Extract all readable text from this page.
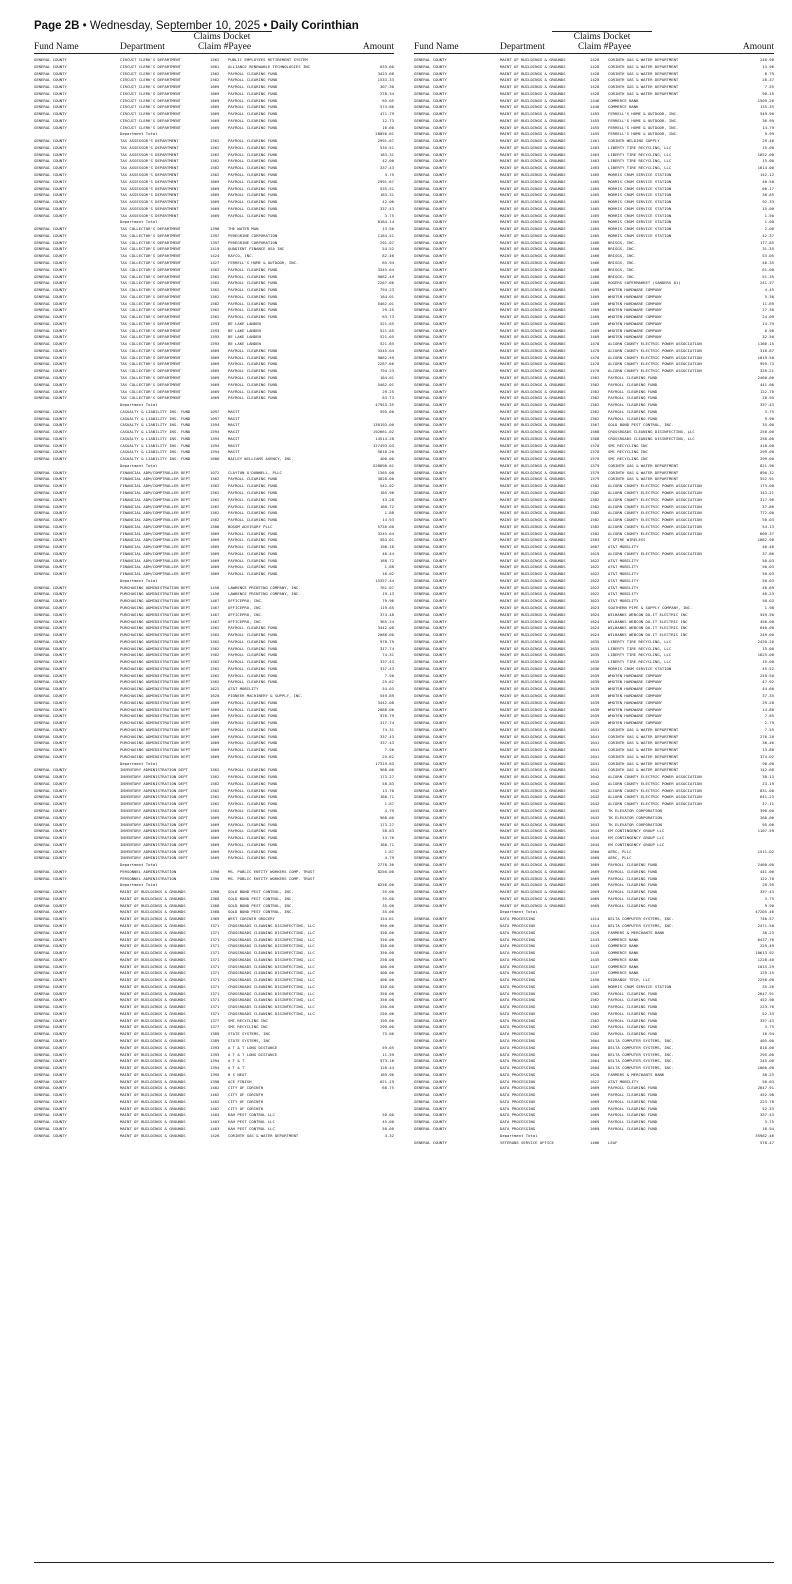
Page 2B • Wednesday, September 10, 2025 • Daily Corinthian
Claims Docket
Fund Name	Department	Claim #Payee	Amount
GENERAL COUNTY	CIRCUIT CLERK'S DEPARTMENT	1562 PUBLIC EMPLOYEES RETIREMENT SYSTEM
GENERAL COUNTY	CIRCUIT CLERK'S DEPARTMENT	1601 ALLIANCE RENEWABLE TECHNOLOGIES INC	633.60
GENERAL COUNTY	CIRCUIT CLERK'S DEPARTMENT	1562 PAYROLL CLEARING FUND	3423.66
GENERAL COUNTY	CIRCUIT CLERK'S DEPARTMENT	1562 PAYROLL CLEARING FUND	1533.33
GENERAL COUNTY	CIRCUIT CLERK'S DEPARTMENT	1669 PAYROLL CLEARING FUND	307.36
GENERAL COUNTY	CIRCUIT CLERK'S DEPARTMENT	1669 PAYROLL CLEARING FUND	278.34
GENERAL COUNTY	CIRCUIT CLERK'S DEPARTMENT	1669 PAYROLL CLEARING FUND	65.05
GENERAL COUNTY	CIRCUIT CLERK'S DEPARTMENT	1669 PAYROLL CLEARING FUND	574.86
GENERAL COUNTY	CIRCUIT CLERK'S DEPARTMENT	1669 PAYROLL CLEARING FUND	471.79
GENERAL COUNTY	CIRCUIT CLERK'S DEPARTMENT	1669 PAYROLL CLEARING FUND	12.73
GENERAL COUNTY	CIRCUIT CLERK'S DEPARTMENT	1669 PAYROLL CLEARING FUND	16.60
Department Total	28056.61
GENERAL COUNTY	TAX ASSESSOR'S DEPARTMENT	1562 PAYROLL CLEARING FUND	2991.67
GENERAL COUNTY	TAX ASSESSOR'S DEPARTMENT	1562 PAYROLL CLEARING FUND	535.51
GENERAL COUNTY	TAX ASSESSOR'S DEPARTMENT	1562 PAYROLL CLEARING FUND	183.31
GENERAL COUNTY	TAX ASSESSOR'S DEPARTMENT	1562 PAYROLL CLEARING FUND	42.06
GENERAL COUNTY	TAX ASSESSOR'S DEPARTMENT	1562 PAYROLL CLEARING FUND	337.43
GENERAL COUNTY	TAX ASSESSOR'S DEPARTMENT	1562 PAYROLL CLEARING FUND	3.75
GENERAL COUNTY	TAX ASSESSOR'S DEPARTMENT	1669 PAYROLL CLEARING FUND	2991.67
GENERAL COUNTY	TAX ASSESSOR'S DEPARTMENT	1669 PAYROLL CLEARING FUND	535.51
GENERAL COUNTY	TAX ASSESSOR'S DEPARTMENT	1669 PAYROLL CLEARING FUND	183.31
GENERAL COUNTY	TAX ASSESSOR'S DEPARTMENT	1669 PAYROLL CLEARING FUND	42.06
GENERAL COUNTY	TAX ASSESSOR'S DEPARTMENT	1669 PAYROLL CLEARING FUND	337.43
GENERAL COUNTY	TAX ASSESSOR'S DEPARTMENT	1669 PAYROLL CLEARING FUND	3.75
Department Total	8184.14
GENERAL COUNTY	TAX COLLECTOR'S DEPARTMENT	1396 THE WATER MAN	13.50
GENERAL COUNTY	TAX COLLECTOR'S DEPARTMENT	1397 PEREGRINE CORPORATION	1184.51
GENERAL COUNTY	TAX COLLECTOR'S DEPARTMENT	1397 PEREGRINE CORPORATION	291.07
GENERAL COUNTY	TAX COLLECTOR'S DEPARTMENT	1419 QUADIENT FINANCE USA INC	54.52
GENERAL COUNTY	TAX COLLECTOR'S DEPARTMENT	1424 RAYCO, INC.	82.46
GENERAL COUNTY	TAX COLLECTOR'S DEPARTMENT	1427 FERRELL'S HOME & OUTDOOR, INC.	65.94
GENERAL COUNTY	TAX COLLECTOR'S DEPARTMENT	1562 PAYROLL CLEARING FUND	3345.04
GENERAL COUNTY	TAX COLLECTOR'S DEPARTMENT	1562 PAYROLL CLEARING FUND	9082.49
GENERAL COUNTY	TAX COLLECTOR'S DEPARTMENT	1562 PAYROLL CLEARING FUND	2267.66
GENERAL COUNTY	TAX COLLECTOR'S DEPARTMENT	1562 PAYROLL CLEARING FUND	794.23
GENERAL COUNTY	TAX COLLECTOR'S DEPARTMENT	1562 PAYROLL CLEARING FUND	184.01
GENERAL COUNTY	TAX COLLECTOR'S DEPARTMENT	1562 PAYROLL CLEARING FUND	5462.01
GENERAL COUNTY	TAX COLLECTOR'S DEPARTMENT	1562 PAYROLL CLEARING FUND	29.25
GENERAL COUNTY	TAX COLLECTOR'S DEPARTMENT	1562 PAYROLL CLEARING FUND	63.73
GENERAL COUNTY	TAX COLLECTOR'S DEPARTMENT	1593 BE LAKE LANDEN	521.65
GENERAL COUNTY	TAX COLLECTOR'S DEPARTMENT	1593 BE LAKE LANDEN	521.65
GENERAL COUNTY	TAX COLLECTOR'S DEPARTMENT	1593 BE LAKE LANDEN	521.65
GENERAL COUNTY	TAX COLLECTOR'S DEPARTMENT	1593 BE LAKE LANDEN	521.65
GENERAL COUNTY	TAX COLLECTOR'S DEPARTMENT	1669 PAYROLL CLEARING FUND	3345.04
GENERAL COUNTY	TAX COLLECTOR'S DEPARTMENT	1669 PAYROLL CLEARING FUND	9082.49
GENERAL COUNTY	TAX COLLECTOR'S DEPARTMENT	1669 PAYROLL CLEARING FUND	2267.66
GENERAL COUNTY	TAX COLLECTOR'S DEPARTMENT	1669 PAYROLL CLEARING FUND	794.23
GENERAL COUNTY	TAX COLLECTOR'S DEPARTMENT	1669 PAYROLL CLEARING FUND	184.01
GENERAL COUNTY	TAX COLLECTOR'S DEPARTMENT	1669 PAYROLL CLEARING FUND	5462.01
GENERAL COUNTY	TAX COLLECTOR'S DEPARTMENT	1669 PAYROLL CLEARING FUND	29.25
GENERAL COUNTY	TAX COLLECTOR'S DEPARTMENT	1669 PAYROLL CLEARING FUND	63.73
Department Total	47953.35
GENERAL COUNTY	CASUALTY & LIABILITY INS. FUND	1097 MASIT	595.00
GENERAL COUNTY	CASUALTY & LIABILITY INS. FUND	1097 MASIT
GENERAL COUNTY	CASUALTY & LIABILITY INS. FUND	1594 MASIT	138193.00
GENERAL COUNTY	CASUALTY & LIABILITY INS. FUND	1594 MASIT	192661.02
GENERAL COUNTY	CASUALTY & LIABILITY INS. FUND	1594 MASIT	14514.28
GENERAL COUNTY	CASUALTY & LIABILITY INS. FUND	1594 MASIT	127493.03
GENERAL COUNTY	CASUALTY & LIABILITY INS. FUND	1594 MASIT	5610.20
GENERAL COUNTY	CASUALTY & LIABILITY INS. FUND	1606 BAILEY WILLIAMS AGENCY, INC.	400.00
Department Total	528898.61
GENERAL COUNTY	FINANCIAL ADM/COMPTROLLER DEPT	1072 CLAYTON O'DONNELL, PLLC	1365.00
GENERAL COUNTY	FINANCIAL ADM/COMPTROLLER DEPT	1562 PAYROLL CLEARING FUND	3028.00
GENERAL COUNTY	FINANCIAL ADM/COMPTROLLER DEPT	1562 PAYROLL CLEARING FUND	542.02
GENERAL COUNTY	FINANCIAL ADM/COMPTROLLER DEPT	1562 PAYROLL CLEARING FUND	185.98
GENERAL COUNTY	FINANCIAL ADM/COMPTROLLER DEPT	1562 PAYROLL CLEARING FUND	43.28
GENERAL COUNTY	FINANCIAL ADM/COMPTROLLER DEPT	1562 PAYROLL CLEARING FUND	168.72
GENERAL COUNTY	FINANCIAL ADM/COMPTROLLER DEPT	1562 PAYROLL CLEARING FUND	1.88
GENERAL COUNTY	FINANCIAL ADM/COMPTROLLER DEPT	1562 PAYROLL CLEARING FUND	14.93
GENERAL COUNTY	FINANCIAL ADM/COMPTROLLER DEPT	1586 BOSOM ADVISORY PLLC	5756.00
GENERAL COUNTY	FINANCIAL ADM/COMPTROLLER DEPT	1669 PAYROLL CLEARING FUND	3245.04
GENERAL COUNTY	FINANCIAL ADM/COMPTROLLER DEPT	1669 PAYROLL CLEARING FUND	583.01
GENERAL COUNTY	FINANCIAL ADM/COMPTROLLER DEPT	1669 PAYROLL CLEARING FUND	198.18
GENERAL COUNTY	FINANCIAL ADM/COMPTROLLER DEPT	1669 PAYROLL CLEARING FUND	46.44
GENERAL COUNTY	FINANCIAL ADM/COMPTROLLER DEPT	1669 PAYROLL CLEARING FUND	168.72
GENERAL COUNTY	FINANCIAL ADM/COMPTROLLER DEPT	1669 PAYROLL CLEARING FUND	1.88
GENERAL COUNTY	FINANCIAL ADM/COMPTROLLER DEPT	1669 PAYROLL CLEARING FUND	16.02
Department Total	15357.44
GENERAL COUNTY	PURCHASING ADMINISTRATION DEPT	1456 LAWRENCE PRINTING COMPANY, INC.	761.07
GENERAL COUNTY	PURCHASING ADMINISTRATION DEPT	1456 LAWRENCE PRINTING COMPANY, INC.	19.13
GENERAL COUNTY	PURCHASING ADMINISTRATION DEPT	1467 OFFICEPRO, INC.	79.96
GENERAL COUNTY	PURCHASING ADMINISTRATION DEPT	1467 OFFICEPRO, INC.	119.85
GENERAL COUNTY	PURCHASING ADMINISTRATION DEPT	1467 OFFICEPRO, INC.	374.48
GENERAL COUNTY	PURCHASING ADMINISTRATION DEPT	1467 OFFICEPRO, INC.	365.24
GENERAL COUNTY	PURCHASING ADMINISTRATION DEPT	1562 PAYROLL CLEARING FUND	3442.08
GENERAL COUNTY	PURCHASING ADMINISTRATION DEPT	1562 PAYROLL CLEARING FUND	2088.00
GENERAL COUNTY	PURCHASING ADMINISTRATION DEPT	1562 PAYROLL CLEARING FUND	978.79
GENERAL COUNTY	PURCHASING ADMINISTRATION DEPT	1562 PAYROLL CLEARING FUND	317.74
GENERAL COUNTY	PURCHASING ADMINISTRATION DEPT	1562 PAYROLL CLEARING FUND	74.31
GENERAL COUNTY	PURCHASING ADMINISTRATION DEPT	1562 PAYROLL CLEARING FUND	337.43
GENERAL COUNTY	PURCHASING ADMINISTRATION DEPT	1562 PAYROLL CLEARING FUND	337.43
GENERAL COUNTY	PURCHASING ADMINISTRATION DEPT	1562 PAYROLL CLEARING FUND	7.50
GENERAL COUNTY	PURCHASING ADMINISTRATION DEPT	1562 PAYROLL CLEARING FUND	25.62
GENERAL COUNTY	PURCHASING ADMINISTRATION DEPT	1622 AT&T MOBILITY	54.03
GENERAL COUNTY	PURCHASING ADMINISTRATION DEPT	1620 PIONEER MACHINERY & SUPPLY, INC.	549.89
GENERAL COUNTY	PURCHASING ADMINISTRATION DEPT	1669 PAYROLL CLEARING FUND	3442.08
GENERAL COUNTY	PURCHASING ADMINISTRATION DEPT	1669 PAYROLL CLEARING FUND	2088.00
GENERAL COUNTY	PURCHASING ADMINISTRATION DEPT	1669 PAYROLL CLEARING FUND	978.79
GENERAL COUNTY	PURCHASING ADMINISTRATION DEPT	1669 PAYROLL CLEARING FUND	317.74
GENERAL COUNTY	PURCHASING ADMINISTRATION DEPT	1669 PAYROLL CLEARING FUND	74.31
GENERAL COUNTY	PURCHASING ADMINISTRATION DEPT	1669 PAYROLL CLEARING FUND	337.43
GENERAL COUNTY	PURCHASING ADMINISTRATION DEPT	1669 PAYROLL CLEARING FUND	337.43
GENERAL COUNTY	PURCHASING ADMINISTRATION DEPT	1669 PAYROLL CLEARING FUND	7.50
GENERAL COUNTY	PURCHASING ADMINISTRATION DEPT	1669 PAYROLL CLEARING FUND	25.62
Department Total	17319.83
GENERAL COUNTY	INVENTORY ADMINISTRATION DEPT	1562 PAYROLL CLEARING FUND	968.00
GENERAL COUNTY	INVENTORY ADMINISTRATION DEPT	1562 PAYROLL CLEARING FUND	173.27
GENERAL COUNTY	INVENTORY ADMINISTRATION DEPT	1562 PAYROLL CLEARING FUND	58.83
GENERAL COUNTY	INVENTORY ADMINISTRATION DEPT	1562 PAYROLL CLEARING FUND	13.76
GENERAL COUNTY	INVENTORY ADMINISTRATION DEPT	1562 PAYROLL CLEARING FUND	168.71
GENERAL COUNTY	INVENTORY ADMINISTRATION DEPT	1562 PAYROLL CLEARING FUND	1.87
GENERAL COUNTY	INVENTORY ADMINISTRATION DEPT	1562 PAYROLL CLEARING FUND	4.79
GENERAL COUNTY	INVENTORY ADMINISTRATION DEPT	1669 PAYROLL CLEARING FUND	968.00
GENERAL COUNTY	INVENTORY ADMINISTRATION DEPT	1669 PAYROLL CLEARING FUND	173.27
GENERAL COUNTY	INVENTORY ADMINISTRATION DEPT	1669 PAYROLL CLEARING FUND	58.83
GENERAL COUNTY	INVENTORY ADMINISTRATION DEPT	1669 PAYROLL CLEARING FUND	13.76
GENERAL COUNTY	INVENTORY ADMINISTRATION DEPT	1669 PAYROLL CLEARING FUND	168.71
GENERAL COUNTY	INVENTORY ADMINISTRATION DEPT	1669 PAYROLL CLEARING FUND	1.87
GENERAL COUNTY	INVENTORY ADMINISTRATION DEPT	1669 PAYROLL CLEARING FUND	4.79
Department Total	2778.36
GENERAL COUNTY	PERSONNEL ADMINISTRATION	1390 MS. PUBLIC ENTITY WORKERS COMP. TRUST	8256.00
GENERAL COUNTY	PERSONNEL ADMINISTRATION	1390 MS. PUBLIC ENTITY WORKERS COMP. TRUST
Department Total	8256.00
GENERAL COUNTY	MAINT OF BUILDINGS & GROUNDS	1368 GOLD BOND PEST CONTROL, INC.	35.00
GENERAL COUNTY	MAINT OF BUILDINGS & GROUNDS	1368 GOLD BOND PEST CONTROL, INC.	35.00
GENERAL COUNTY	MAINT OF BUILDINGS & GROUNDS	1368 GOLD BOND PEST CONTROL, INC.	35.00
GENERAL COUNTY	MAINT OF BUILDINGS & GROUNDS	1368 GOLD BOND PEST CONTROL, INC.	35.00
GENERAL COUNTY	MAINT OF BUILDINGS & GROUNDS	1369 WEST CORINTH GROCERY	154.61
GENERAL COUNTY	MAINT OF BUILDINGS & GROUNDS	1371 CROSSROADS CLEANING DISINFECTING, LLC	950.00
GENERAL COUNTY	MAINT OF BUILDINGS & GROUNDS	1371 CROSSROADS CLEANING DISINFECTING, LLC	350.00
GENERAL COUNTY	MAINT OF BUILDINGS & GROUNDS	1371 CROSSROADS CLEANING DISINFECTING, LLC	350.00
GENERAL COUNTY	MAINT OF BUILDINGS & GROUNDS	1371 CROSSROADS CLEANING DISINFECTING, LLC	350.00
GENERAL COUNTY	MAINT OF BUILDINGS & GROUNDS	1371 CROSSROADS CLEANING DISINFECTING, LLC	350.00
GENERAL COUNTY	MAINT OF BUILDINGS & GROUNDS	1371 CROSSROADS CLEANING DISINFECTING, LLC	250.00
GENERAL COUNTY	MAINT OF BUILDINGS & GROUNDS	1371 CROSSROADS CLEANING DISINFECTING, LLC	400.00
GENERAL COUNTY	MAINT OF BUILDINGS & GROUNDS	1371 CROSSROADS CLEANING DISINFECTING, LLC	400.00
GENERAL COUNTY	MAINT OF BUILDINGS & GROUNDS	1371 CROSSROADS CLEANING DISINFECTING, LLC	400.00
GENERAL COUNTY	MAINT OF BUILDINGS & GROUNDS	1371 CROSSROADS CLEANING DISINFECTING, LLC	350.00
GENERAL COUNTY	MAINT OF BUILDINGS & GROUNDS	1371 CROSSROADS CLEANING DISINFECTING, LLC	350.00
GENERAL COUNTY	MAINT OF BUILDINGS & GROUNDS	1371 CROSSROADS CLEANING DISINFECTING, LLC	350.00
GENERAL COUNTY	MAINT OF BUILDINGS & GROUNDS	1371 CROSSROADS CLEANING DISINFECTING, LLC	250.00
GENERAL COUNTY	MAINT OF BUILDINGS & GROUNDS	1371 CROSSROADS CLEANING DISINFECTING, LLC	250.00
GENERAL COUNTY	MAINT OF BUILDINGS & GROUNDS	1377 SMC RECYCLING INC	199.00
GENERAL COUNTY	MAINT OF BUILDINGS & GROUNDS	1377 SMC RECYCLING INC	299.00
GENERAL COUNTY	MAINT OF BUILDINGS & GROUNDS	1389 STATE SYSTEMS, INC	75.00
GENERAL COUNTY	MAINT OF BUILDINGS & GROUNDS	1389 STATE SYSTEMS, INC
GENERAL COUNTY	MAINT OF BUILDINGS & GROUNDS	1393 A T & T LONG DISTANCE	59.05
GENERAL COUNTY	MAINT OF BUILDINGS & GROUNDS	1393 A T & T LONG DISTANCE	11.59
GENERAL COUNTY	MAINT OF BUILDINGS & GROUNDS	1394 A T & T	973.18
GENERAL COUNTY	MAINT OF BUILDINGS & GROUNDS	1394 A T & T	128.44
GENERAL COUNTY	MAINT OF BUILDINGS & GROUNDS	1395 B S NEAT	189.96
GENERAL COUNTY	MAINT OF BUILDINGS & GROUNDS	1398 ACE FINISH	621.19
GENERAL COUNTY	MAINT OF BUILDINGS & GROUNDS	1402 CITY OF CORINTH	68.75
GENERAL COUNTY	MAINT OF BUILDINGS & GROUNDS	1402 CITY OF CORINTH
GENERAL COUNTY	MAINT OF BUILDINGS & GROUNDS	1402 CITY OF CORINTH
GENERAL COUNTY	MAINT OF BUILDINGS & GROUNDS	1402 CITY OF CORINTH
GENERAL COUNTY	MAINT OF BUILDINGS & GROUNDS	1403 KAH PEST CONTROL LLC	50.00
GENERAL COUNTY	MAINT OF BUILDINGS & GROUNDS	1403 KAH PEST CONTROL LLC	45.00
GENERAL COUNTY	MAINT OF BUILDINGS & GROUNDS	1403 KAH PEST CONTROL LLC	50.00
GENERAL COUNTY	MAINT OF BUILDINGS & GROUNDS	1426 CORINTH GAS & WATER DEPARTMENT	4.32
Claims Docket
Fund Name	Department	Claim #Payee	Amount
GENERAL COUNTY	MAINT OF BUILDINGS & GROUNDS	1428 CORINTH GAS & WATER DEPARTMENT	240.90
GENERAL COUNTY	MAINT OF BUILDINGS & GROUNDS	1428 CORINTH GAS & WATER DEPARTMENT	13.96
GENERAL COUNTY	MAINT OF BUILDINGS & GROUNDS	1428 CORINTH GAS & WATER DEPARTMENT	8.79
GENERAL COUNTY	MAINT OF BUILDINGS & GROUNDS	1428 CORINTH GAS & WATER DEPARTMENT	28.37
GENERAL COUNTY	MAINT OF BUILDINGS & GROUNDS	1428 CORINTH GAS & WATER DEPARTMENT	7.55
GENERAL COUNTY	MAINT OF BUILDINGS & GROUNDS	1428 CORINTH GAS & WATER DEPARTMENT	98.15
GENERAL COUNTY	MAINT OF BUILDINGS & GROUNDS	1446 COMMERCE BANK	1509.26
GENERAL COUNTY	MAINT OF BUILDINGS & GROUNDS	1446 COMMERCE BANK	135.35
GENERAL COUNTY	MAINT OF BUILDINGS & GROUNDS	1455 FERRELL'S HOME & OUTDOOR, INC.	549.90
GENERAL COUNTY	MAINT OF BUILDINGS & GROUNDS	1455 FERRELL'S HOME & OUTDOOR, INC.	36.99
GENERAL COUNTY	MAINT OF BUILDINGS & GROUNDS	1455 FERRELL'S HOME & OUTDOOR, INC.	14.79
GENERAL COUNTY	MAINT OF BUILDINGS & GROUNDS	1455 FERRELL'S HOME & OUTDOOR, INC.	9.99
GENERAL COUNTY	MAINT OF BUILDINGS & GROUNDS	1461 CORINTH WELDING SUPPLY	29.46
GENERAL COUNTY	MAINT OF BUILDINGS & GROUNDS	1463 LIBERTY TIRE RECYCLING, LLC	15.00
GENERAL COUNTY	MAINT OF BUILDINGS & GROUNDS	1463 LIBERTY TIRE RECYCLING, LLC	1652.00
GENERAL COUNTY	MAINT OF BUILDINGS & GROUNDS	1463 LIBERTY TIRE RECYCLING, LLC	15.00
GENERAL COUNTY	MAINT OF BUILDINGS & GROUNDS	1463 LIBERTY TIRE RECYCLING, LLC	1614.00
GENERAL COUNTY	MAINT OF BUILDINGS & GROUNDS	1465 MORRIS CRUM SERVICE STATION	152.12
GENERAL COUNTY	MAINT OF BUILDINGS & GROUNDS	1465 MORRIS CRUM SERVICE STATION	40.50
GENERAL COUNTY	MAINT OF BUILDINGS & GROUNDS	1465 MORRIS CRUM SERVICE STATION	60.17
GENERAL COUNTY	MAINT OF BUILDINGS & GROUNDS	1465 MORRIS CRUM SERVICE STATION	36.85
GENERAL COUNTY	MAINT OF BUILDINGS & GROUNDS	1465 MORRIS CRUM SERVICE STATION	92.33
GENERAL COUNTY	MAINT OF BUILDINGS & GROUNDS	1465 MORRIS CRUM SERVICE STATION	15.00
GENERAL COUNTY	MAINT OF BUILDINGS & GROUNDS	1465 MORRIS CRUM SERVICE STATION	1.50
GENERAL COUNTY	MAINT OF BUILDINGS & GROUNDS	1465 MORRIS CRUM SERVICE STATION	1.00
GENERAL COUNTY	MAINT OF BUILDINGS & GROUNDS	1465 MORRIS CRUM SERVICE STATION	2.00
GENERAL COUNTY	MAINT OF BUILDINGS & GROUNDS	1465 MORRIS CRUM SERVICE STATION	42.37
GENERAL COUNTY	MAINT OF BUILDINGS & GROUNDS	1466 BRIGGS, INC.	177.85
GENERAL COUNTY	MAINT OF BUILDINGS & GROUNDS	1466 BRIGGS, INC.	31.35
GENERAL COUNTY	MAINT OF BUILDINGS & GROUNDS	1466 BRIGGS, INC.	53.05
GENERAL COUNTY	MAINT OF BUILDINGS & GROUNDS	1466 BRIGGS, INC.	46.35
GENERAL COUNTY	MAINT OF BUILDINGS & GROUNDS	1466 BRIGGS, INC.	61.00
GENERAL COUNTY	MAINT OF BUILDINGS & GROUNDS	1466 BRIGGS, INC.	51.35
GENERAL COUNTY	MAINT OF BUILDINGS & GROUNDS	1468 ROGERS SUPERMARKET (SANDERS 01)	241.57
GENERAL COUNTY	MAINT OF BUILDINGS & GROUNDS	1469 WHOTEN HARDWARE COMPANY	4.45
GENERAL COUNTY	MAINT OF BUILDINGS & GROUNDS	1469 WHOTEN HARDWARE COMPANY	5.30
GENERAL COUNTY	MAINT OF BUILDINGS & GROUNDS	1469 WHOTEN HARDWARE COMPANY	11.69
GENERAL COUNTY	MAINT OF BUILDINGS & GROUNDS	1469 WHOTEN HARDWARE COMPANY	27.30
GENERAL COUNTY	MAINT OF BUILDINGS & GROUNDS	1469 WHOTEN HARDWARE COMPANY	24.09
GENERAL COUNTY	MAINT OF BUILDINGS & GROUNDS	1469 WHOTEN HARDWARE COMPANY	14.79
GENERAL COUNTY	MAINT OF BUILDINGS & GROUNDS	1469 WHOTEN HARDWARE COMPANY	0.98
GENERAL COUNTY	MAINT OF BUILDINGS & GROUNDS	1469 WHOTEN HARDWARE COMPANY	32.50
GENERAL COUNTY	MAINT OF BUILDINGS & GROUNDS	1470 ALCORN COUNTY ELECTRIC POWER ASSOCIATION	1166.15
GENERAL COUNTY	MAINT OF BUILDINGS & GROUNDS	1470 ALCORN COUNTY ELECTRIC POWER ASSOCIATION	310.87
GENERAL COUNTY	MAINT OF BUILDINGS & GROUNDS	1470 ALCORN COUNTY ELECTRIC POWER ASSOCIATION	1019.50
GENERAL COUNTY	MAINT OF BUILDINGS & GROUNDS	1470 ALCORN COUNTY ELECTRIC POWER ASSOCIATION	959.73
GENERAL COUNTY	MAINT OF BUILDINGS & GROUNDS	1470 ALCORN COUNTY ELECTRIC POWER ASSOCIATION	328.21
GENERAL COUNTY	MAINT OF BUILDINGS & GROUNDS	1562 PAYROLL CLEARING FUND	2460.00
GENERAL COUNTY	MAINT OF BUILDINGS & GROUNDS	1562 PAYROLL CLEARING FUND	441.06
GENERAL COUNTY	MAINT OF BUILDINGS & GROUNDS	1562 PAYROLL CLEARING FUND	122.70
GENERAL COUNTY	MAINT OF BUILDINGS & GROUNDS	1562 PAYROLL CLEARING FUND	28.95
GENERAL COUNTY	MAINT OF BUILDINGS & GROUNDS	1562 PAYROLL CLEARING FUND	337.43
GENERAL COUNTY	MAINT OF BUILDINGS & GROUNDS	1562 PAYROLL CLEARING FUND	3.75
GENERAL COUNTY	MAINT OF BUILDINGS & GROUNDS	1562 PAYROLL CLEARING FUND	9.90
GENERAL COUNTY	MAINT OF BUILDINGS & GROUNDS	1567 GOLD BOND PEST CONTROL, INC.	35.00
GENERAL COUNTY	MAINT OF BUILDINGS & GROUNDS	1568 CROSSROADS CLEANING DISINFECTING, LLC	250.00
GENERAL COUNTY	MAINT OF BUILDINGS & GROUNDS	1568 CROSSROADS CLEANING DISINFECTING, LLC	250.00
GENERAL COUNTY	MAINT OF BUILDINGS & GROUNDS	1570 SMC RECYCLING INC	418.00
GENERAL COUNTY	MAINT OF BUILDINGS & GROUNDS	1570 SMC RECYCLING INC	299.00
GENERAL COUNTY	MAINT OF BUILDINGS & GROUNDS	1570 SMC RECYCLING INC	299.00
GENERAL COUNTY	MAINT OF BUILDINGS & GROUNDS	1579 CORINTH GAS & WATER DEPARTMENT	821.96
GENERAL COUNTY	MAINT OF BUILDINGS & GROUNDS	1579 CORINTH GAS & WATER DEPARTMENT	890.32
GENERAL COUNTY	MAINT OF BUILDINGS & GROUNDS	1579 CORINTH GAS & WATER DEPARTMENT	552.91
GENERAL COUNTY	MAINT OF BUILDINGS & GROUNDS	1582 ALCORN COUNTY ELECTRIC POWER ASSOCIATION	173.00
GENERAL COUNTY	MAINT OF BUILDINGS & GROUNDS	1582 ALCORN COUNTY ELECTRIC POWER ASSOCIATION	143.21
GENERAL COUNTY	MAINT OF BUILDINGS & GROUNDS	1582 ALCORN COUNTY ELECTRIC POWER ASSOCIATION	317.96
GENERAL COUNTY	MAINT OF BUILDINGS & GROUNDS	1582 ALCORN COUNTY ELECTRIC POWER ASSOCIATION	37.86
GENERAL COUNTY	MAINT OF BUILDINGS & GROUNDS	1582 ALCORN COUNTY ELECTRIC POWER ASSOCIATION	772.00
GENERAL COUNTY	MAINT OF BUILDINGS & GROUNDS	1582 ALCORN COUNTY ELECTRIC POWER ASSOCIATION	50.03
GENERAL COUNTY	MAINT OF BUILDINGS & GROUNDS	1582 ALCORN COUNTY ELECTRIC POWER ASSOCIATION	54.13
GENERAL COUNTY	MAINT OF BUILDINGS & GROUNDS	1582 ALCORN COUNTY ELECTRIC POWER ASSOCIATION	609.37
GENERAL COUNTY	MAINT OF BUILDINGS & GROUNDS	1583 C SPIRE WIRELESS	1082.90
GENERAL COUNTY	MAINT OF BUILDINGS & GROUNDS	1607 AT&T MOBILITY	40.46
GENERAL COUNTY	MAINT OF BUILDINGS & GROUNDS	1619 ALCORN COUNTY ELECTRIC POWER ASSOCIATION	37.86
GENERAL COUNTY	MAINT OF BUILDINGS & GROUNDS	1622 AT&T MOBILITY	50.03
GENERAL COUNTY	MAINT OF BUILDINGS & GROUNDS	1622 AT&T MOBILITY	50.03
GENERAL COUNTY	MAINT OF BUILDINGS & GROUNDS	1622 AT&T MOBILITY	50.03
GENERAL COUNTY	MAINT OF BUILDINGS & GROUNDS	1622 AT&T MOBILITY	50.03
GENERAL COUNTY	MAINT OF BUILDINGS & GROUNDS	1622 AT&T MOBILITY	46.69
GENERAL COUNTY	MAINT OF BUILDINGS & GROUNDS	1622 AT&T MOBILITY	40.23
GENERAL COUNTY	MAINT OF BUILDINGS & GROUNDS	1622 AT&T MOBILITY	50.03
GENERAL COUNTY	MAINT OF BUILDINGS & GROUNDS	1623 SOUTHERN PIPE & SUPPLY COMPANY, INC.	1.98
GENERAL COUNTY	MAINT OF BUILDINGS & GROUNDS	1624 WILBANKS WEBCON DO-IT ELECTRIC INC	549.50
GENERAL COUNTY	MAINT OF BUILDINGS & GROUNDS	1624 WILBANKS WEBCON DO-IT ELECTRIC INC	450.00
GENERAL COUNTY	MAINT OF BUILDINGS & GROUNDS	1624 WILBANKS WEBCON DO-IT ELECTRIC INC	640.00
GENERAL COUNTY	MAINT OF BUILDINGS & GROUNDS	1624 WILBANKS WEBCON DO-IT ELECTRIC INC	249.00
GENERAL COUNTY	MAINT OF BUILDINGS & GROUNDS	1635 LIBERTY TIRE RECYCLING, LLC	2420.20
GENERAL COUNTY	MAINT OF BUILDINGS & GROUNDS	1635 LIBERTY TIRE RECYCLING, LLC	15.00
GENERAL COUNTY	MAINT OF BUILDINGS & GROUNDS	1635 LIBERTY TIRE RECYCLING, LLC	1825.00
GENERAL COUNTY	MAINT OF BUILDINGS & GROUNDS	1635 LIBERTY TIRE RECYCLING, LLC	15.00
GENERAL COUNTY	MAINT OF BUILDINGS & GROUNDS	1636 MORRIS CRUM SERVICE STATION	45.52
GENERAL COUNTY	MAINT OF BUILDINGS & GROUNDS	1639 WHOTEN HARDWARE COMPANY	249.50
GENERAL COUNTY	MAINT OF BUILDINGS & GROUNDS	1639 WHOTEN HARDWARE COMPANY	47.92
GENERAL COUNTY	MAINT OF BUILDINGS & GROUNDS	1639 WHOTEN HARDWARE COMPANY	44.60
GENERAL COUNTY	MAINT OF BUILDINGS & GROUNDS	1639 WHOTEN HARDWARE COMPANY	37.35
GENERAL COUNTY	MAINT OF BUILDINGS & GROUNDS	1639 WHOTEN HARDWARE COMPANY	29.28
GENERAL COUNTY	MAINT OF BUILDINGS & GROUNDS	1639 WHOTEN HARDWARE COMPANY	14.80
GENERAL COUNTY	MAINT OF BUILDINGS & GROUNDS	1639 WHOTEN HARDWARE COMPANY	7.85
GENERAL COUNTY	MAINT OF BUILDINGS & GROUNDS	1639 WHOTEN HARDWARE COMPANY	2.79
GENERAL COUNTY	MAINT OF BUILDINGS & GROUNDS	1641 CORINTH GAS & WATER DEPARTMENT	7.55
GENERAL COUNTY	MAINT OF BUILDINGS & GROUNDS	1641 CORINTH GAS & WATER DEPARTMENT	276.20
GENERAL COUNTY	MAINT OF BUILDINGS & GROUNDS	1641 CORINTH GAS & WATER DEPARTMENT	38.46
GENERAL COUNTY	MAINT OF BUILDINGS & GROUNDS	1641 CORINTH GAS & WATER DEPARTMENT	13.80
GENERAL COUNTY	MAINT OF BUILDINGS & GROUNDS	1641 CORINTH GAS & WATER DEPARTMENT	374.02
GENERAL COUNTY	MAINT OF BUILDINGS & GROUNDS	1641 CORINTH GAS & WATER DEPARTMENT	90.00
GENERAL COUNTY	MAINT OF BUILDINGS & GROUNDS	1641 CORINTH GAS & WATER DEPARTMENT	142.68
GENERAL COUNTY	MAINT OF BUILDINGS & GROUNDS	1642 ALCORN COUNTY ELECTRIC POWER ASSOCIATION	38.13
GENERAL COUNTY	MAINT OF BUILDINGS & GROUNDS	1642 ALCORN COUNTY ELECTRIC POWER ASSOCIATION	23.19
GENERAL COUNTY	MAINT OF BUILDINGS & GROUNDS	1642 ALCORN COUNTY ELECTRIC POWER ASSOCIATION	831.00
GENERAL COUNTY	MAINT OF BUILDINGS & GROUNDS	1642 ALCORN COUNTY ELECTRIC POWER ASSOCIATION	641.23
GENERAL COUNTY	MAINT OF BUILDINGS & GROUNDS	1642 ALCORN COUNTY ELECTRIC POWER ASSOCIATION	47.11
GENERAL COUNTY	MAINT OF BUILDINGS & GROUNDS	1643 TK ELEVATOR CORPORATION	390.00
GENERAL COUNTY	MAINT OF BUILDINGS & GROUNDS	1643 TK ELEVATOR CORPORATION	260.00
GENERAL COUNTY	MAINT OF BUILDINGS & GROUNDS	1643 TK ELEVATOR CORPORATION	95.00
GENERAL COUNTY	MAINT OF BUILDINGS & GROUNDS	1644 EM CONTINGENCY GROUP LLC	1107.59
GENERAL COUNTY	MAINT OF BUILDINGS & GROUNDS	1644 EM CONTINGENCY GROUP LLC
GENERAL COUNTY	MAINT OF BUILDINGS & GROUNDS	1644 EM CONTINGENCY GROUP LLC
GENERAL COUNTY	MAINT OF BUILDINGS & GROUNDS	1660 AERC, PLLC	1511.02
GENERAL COUNTY	MAINT OF BUILDINGS & GROUNDS	1660 AERC, PLLC
GENERAL COUNTY	MAINT OF BUILDINGS & GROUNDS	1669 PAYROLL CLEARING FUND	2460.00
GENERAL COUNTY	MAINT OF BUILDINGS & GROUNDS	1669 PAYROLL CLEARING FUND	441.06
GENERAL COUNTY	MAINT OF BUILDINGS & GROUNDS	1669 PAYROLL CLEARING FUND	122.70
GENERAL COUNTY	MAINT OF BUILDINGS & GROUNDS	1669 PAYROLL CLEARING FUND	28.95
GENERAL COUNTY	MAINT OF BUILDINGS & GROUNDS	1669 PAYROLL CLEARING FUND	337.43
GENERAL COUNTY	MAINT OF BUILDINGS & GROUNDS	1669 PAYROLL CLEARING FUND	3.75
GENERAL COUNTY	MAINT OF BUILDINGS & GROUNDS	1669 PAYROLL CLEARING FUND	9.90
Department Total	47205.46
GENERAL COUNTY	DATA PROCESSING	1414 DELTA COMPUTER SYSTEMS, INC.	740.57
GENERAL COUNTY	DATA PROCESSING	1414 DELTA COMPUTER SYSTEMS, INC.	2471.50
GENERAL COUNTY	DATA PROCESSING	1429 FARMERS & MERCHANTS BANK	38.23
GENERAL COUNTY	DATA PROCESSING	1443 COMMERCE BANK	6437.76
GENERAL COUNTY	DATA PROCESSING	1443 COMMERCE BANK	229.49
GENERAL COUNTY	DATA PROCESSING	1445 COMMERCE BANK	10613.92
GENERAL COUNTY	DATA PROCESSING	1445 COMMERCE BANK	1228.40
GENERAL COUNTY	DATA PROCESSING	1447 COMMERCE BANK	1015.29
GENERAL COUNTY	DATA PROCESSING	1447 COMMERCE BANK	129.15
GENERAL COUNTY	DATA PROCESSING	1450 MIDRANGE TECH, LLC	2250.00
GENERAL COUNTY	DATA PROCESSING	1465 MORRIS CRUM SERVICE STATION	35.26
GENERAL COUNTY	DATA PROCESSING	1562 PAYROLL CLEARING FUND	2647.91
GENERAL COUNTY	DATA PROCESSING	1562 PAYROLL CLEARING FUND	452.98
GENERAL COUNTY	DATA PROCESSING	1562 PAYROLL CLEARING FUND	223.78
GENERAL COUNTY	DATA PROCESSING	1562 PAYROLL CLEARING FUND	52.33
GENERAL COUNTY	DATA PROCESSING	1562 PAYROLL CLEARING FUND	337.43
GENERAL COUNTY	DATA PROCESSING	1562 PAYROLL CLEARING FUND	3.75
GENERAL COUNTY	DATA PROCESSING	1562 PAYROLL CLEARING FUND	16.94
GENERAL COUNTY	DATA PROCESSING	1604 DELTA COMPUTER SYSTEMS, INC.	405.00
GENERAL COUNTY	DATA PROCESSING	1604 DELTA COMPUTER SYSTEMS, INC.	810.00
GENERAL COUNTY	DATA PROCESSING	1604 DELTA COMPUTER SYSTEMS, INC.	295.00
GENERAL COUNTY	DATA PROCESSING	1604 DELTA COMPUTER SYSTEMS, INC.	245.00
GENERAL COUNTY	DATA PROCESSING	1604 DELTA COMPUTER SYSTEMS, INC.	1060.00
GENERAL COUNTY	DATA PROCESSING	1620 FARMERS & MERCHANTS BANK	38.23
GENERAL COUNTY	DATA PROCESSING	1622 AT&T MOBILITY	50.03
GENERAL COUNTY	DATA PROCESSING	1669 PAYROLL CLEARING FUND	2647.91
GENERAL COUNTY	DATA PROCESSING	1669 PAYROLL CLEARING FUND	452.98
GENERAL COUNTY	DATA PROCESSING	1669 PAYROLL CLEARING FUND	223.78
GENERAL COUNTY	DATA PROCESSING	1669 PAYROLL CLEARING FUND	52.33
GENERAL COUNTY	DATA PROCESSING	1669 PAYROLL CLEARING FUND	337.43
GENERAL COUNTY	DATA PROCESSING	1669 PAYROLL CLEARING FUND	3.75
GENERAL COUNTY	DATA PROCESSING	1669 PAYROLL CLEARING FUND	16.94
Department Total	35982.46
GENERAL COUNTY	VETERANS SERVICE OFFICE	1406 LEAF	578.47
